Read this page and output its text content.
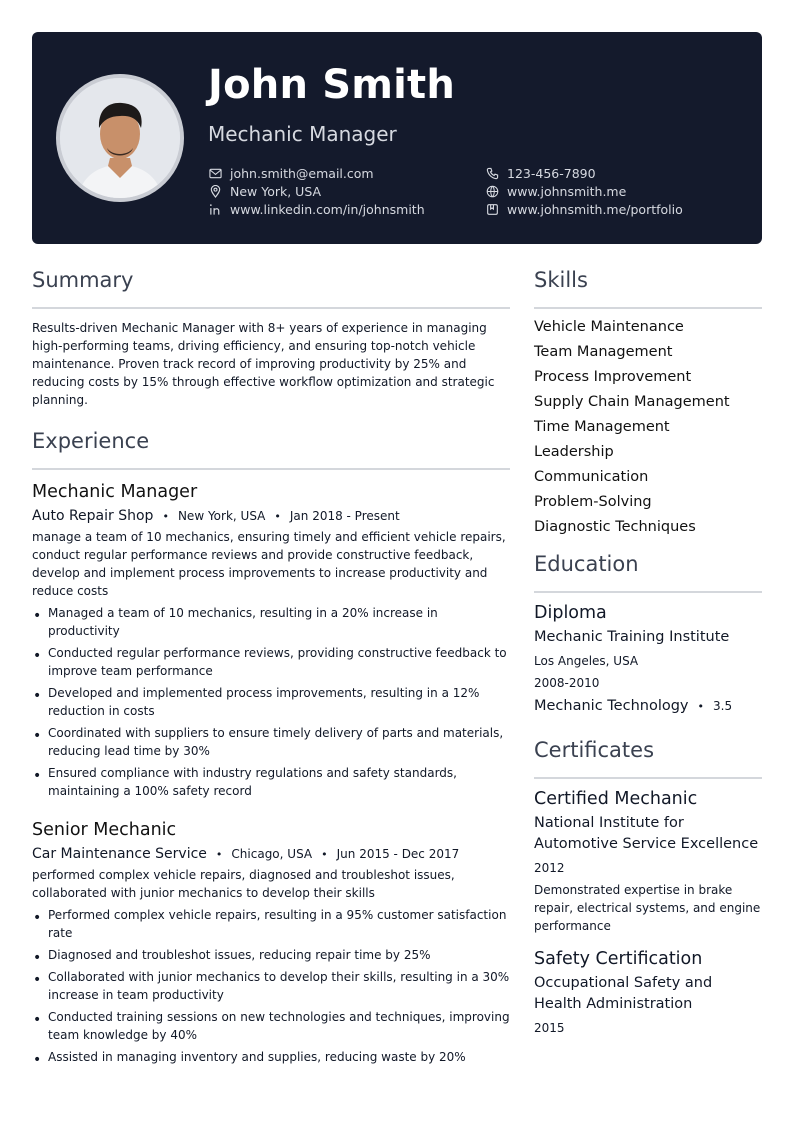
John Smith
Mechanic Manager
john.smith@email.com
New York, USA
www.linkedin.com/in/johnsmith
123-456-7890
www.johnsmith.me
www.johnsmith.me/portfolio
Summary
Results-driven Mechanic Manager with 8+ years of experience in managing high-performing teams, driving efficiency, and ensuring top-notch vehicle maintenance. Proven track record of improving productivity by 25% and reducing costs by 15% through effective workflow optimization and strategic planning.
Experience
Mechanic Manager
Auto Repair Shop • New York, USA • Jan 2018 - Present
manage a team of 10 mechanics, ensuring timely and efficient vehicle repairs, conduct regular performance reviews and provide constructive feedback, develop and implement process improvements to increase productivity and reduce costs
• Managed a team of 10 mechanics, resulting in a 20% increase in productivity
• Conducted regular performance reviews, providing constructive feedback to improve team performance
• Developed and implemented process improvements, resulting in a 12% reduction in costs
• Coordinated with suppliers to ensure timely delivery of parts and materials, reducing lead time by 30%
• Ensured compliance with industry regulations and safety standards, maintaining a 100% safety record
Senior Mechanic
Car Maintenance Service • Chicago, USA • Jun 2015 - Dec 2017
performed complex vehicle repairs, diagnosed and troubleshot issues, collaborated with junior mechanics to develop their skills
• Performed complex vehicle repairs, resulting in a 95% customer satisfaction rate
• Diagnosed and troubleshot issues, reducing repair time by 25%
• Collaborated with junior mechanics to develop their skills, resulting in a 30% increase in team productivity
• Conducted training sessions on new technologies and techniques, improving team knowledge by 40%
• Assisted in managing inventory and supplies, reducing waste by 20%
Skills
Vehicle Maintenance
Team Management
Process Improvement
Supply Chain Management
Time Management
Leadership
Communication
Problem-Solving
Diagnostic Techniques
Education
Diploma
Mechanic Training Institute
Los Angeles, USA
2008-2010
Mechanic Technology • 3.5
Certificates
Certified Mechanic
National Institute for Automotive Service Excellence
2012
Demonstrated expertise in brake repair, electrical systems, and engine performance
Safety Certification
Occupational Safety and Health Administration
2015
